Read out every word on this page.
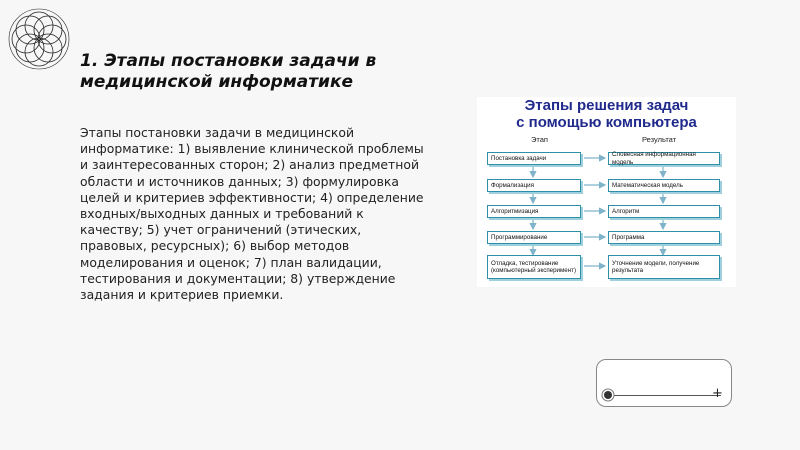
1. Этапы постановки задачи в медицинской информатике

Этапы постановки задачи в медицинской информатике: 1) выявление клинической проблемы и заинтересованных сторон; 2) анализ предметной области и источников данных; 3) формулировка целей и критериев эффективности; 4) определение входных/выходных данных и требований к качеству; 5) учет ограничений (этических, правовых, ресурсных); 6) выбор методов моделирования и оценок; 7) план валидации, тестирования и документации; 8) утверждение задания и критериев приемки.

Этапы решения задач
с помощью компьютера
Этап	Результат
Постановка задачи
Формализация
Алгоритмизация
Программирование
Отладка, тестирование (компьютерный эксперимент)
Словесная информационная модель
Математическая модель
Алгоритм
Программа
Уточнение модели, получение результата
+
